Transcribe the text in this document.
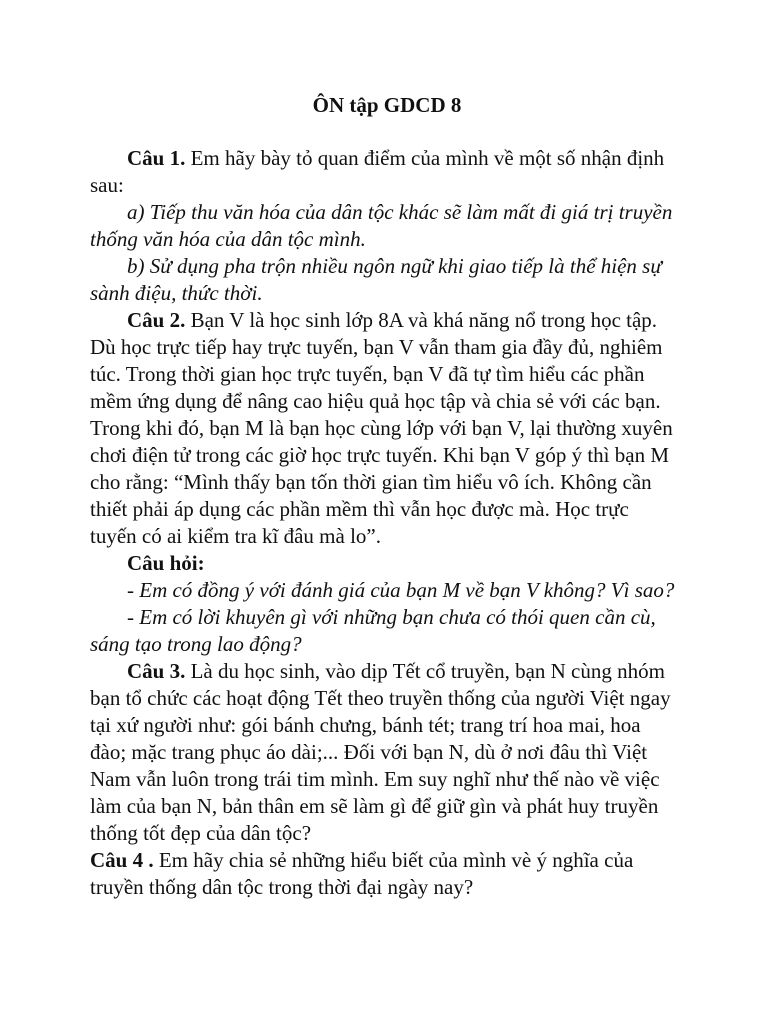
ÔN tập GDCD 8

Câu 1. Em hãy bày tỏ quan điểm của mình về một số nhận định sau:

a) Tiếp thu văn hóa của dân tộc khác sẽ làm mất đi giá trị truyền thống văn hóa của dân tộc mình.

b) Sử dụng pha trộn nhiều ngôn ngữ khi giao tiếp là thể hiện sự sành điệu, thức thời.

Câu 2. Bạn V là học sinh lớp 8A và khá năng nổ trong học tập. Dù học trực tiếp hay trực tuyến, bạn V vẫn tham gia đầy đủ, nghiêm túc. Trong thời gian học trực tuyến, bạn V đã tự tìm hiểu các phần mềm ứng dụng để nâng cao hiệu quả học tập và chia sẻ với các bạn. Trong khi đó, bạn M là bạn học cùng lớp với bạn V, lại thường xuyên chơi điện tử trong các giờ học trực tuyến. Khi bạn V góp ý thì bạn M cho rằng: “Mình thấy bạn tốn thời gian tìm hiểu vô ích. Không cần thiết phải áp dụng các phần mềm thì vẫn học được mà. Học trực tuyến có ai kiểm tra kĩ đâu mà lo”.

Câu hỏi:

- Em có đồng ý với đánh giá của bạn M về bạn V không? Vì sao?

- Em có lời khuyên gì với những bạn chưa có thói quen cần cù, sáng tạo trong lao động?

Câu 3. Là du học sinh, vào dịp Tết cổ truyền, bạn N cùng nhóm bạn tổ chức các hoạt động Tết theo truyền thống của người Việt ngay tại xứ người như: gói bánh chưng, bánh tét; trang trí hoa mai, hoa đào; mặc trang phục áo dài;... Đối với bạn N, dù ở nơi đâu thì Việt Nam vẫn luôn trong trái tim mình. Em suy nghĩ như thế nào về việc làm của bạn N, bản thân em sẽ làm gì để giữ gìn và phát huy truyền thống tốt đẹp của dân tộc?

Câu 4 . Em hãy chia sẻ những hiểu biết của mình vè ý nghĩa của truyền thống dân tộc trong thời đại ngày nay?
